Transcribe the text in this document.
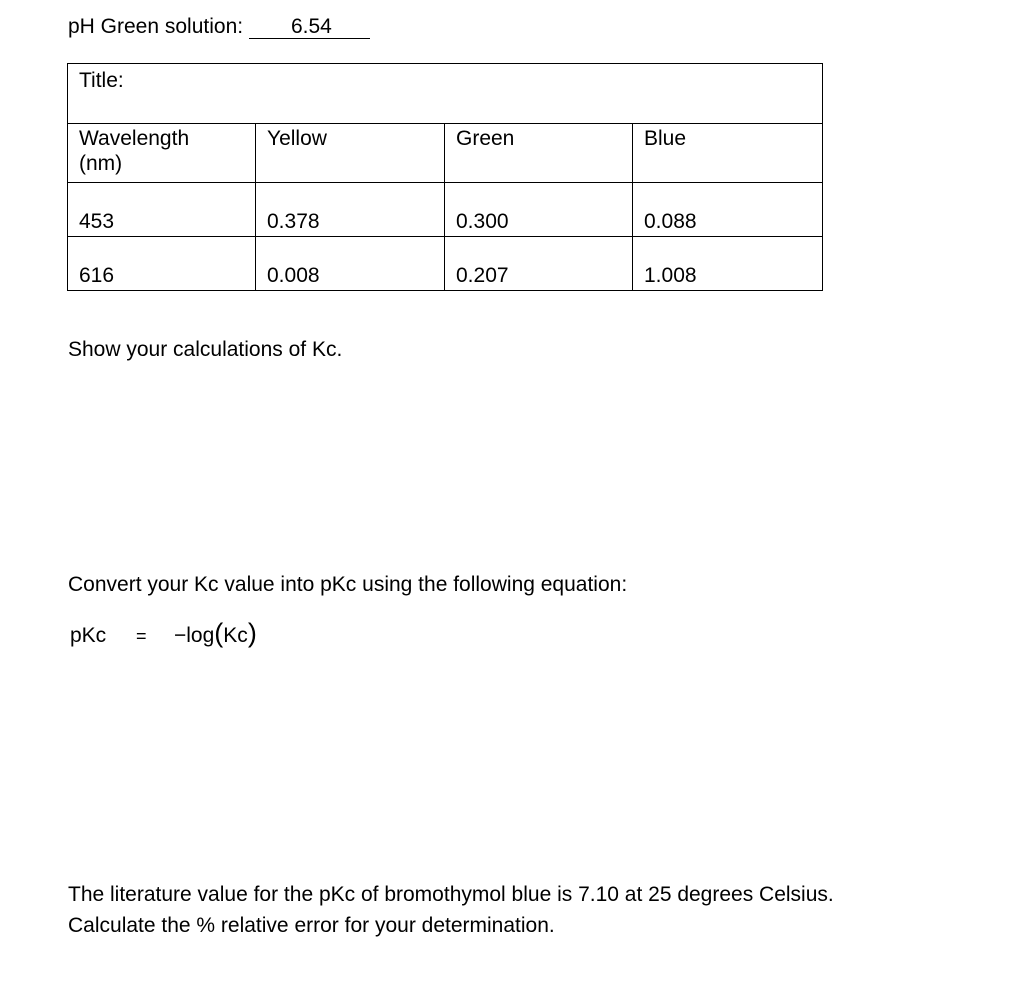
pH Green solution: 6.54
Title:			
Wavelength
(nm)	Yellow	Green	Blue
453	0.378	0.300	0.088
616	0.008	0.207	1.008
Show your calculations of Kc.
Convert your Kc value into pKc using the following equation:
pKc	=	−log ( Kc )
The literature value for the pKc of bromothymol blue is 7.10 at 25 degrees Celsius.
Calculate the % relative error for your determination.
